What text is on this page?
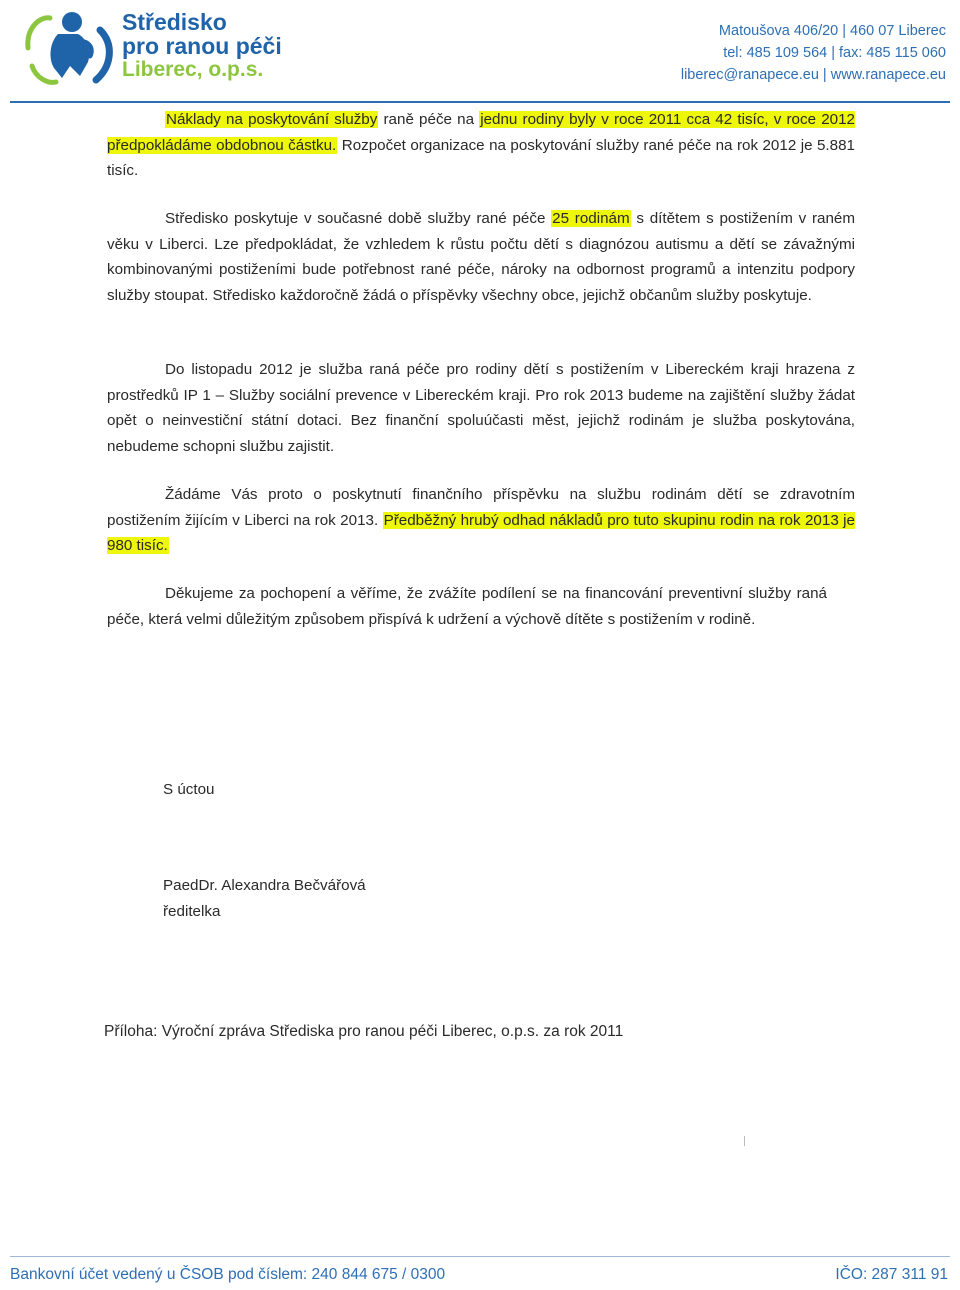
Středisko
pro ranou péči
Liberec, o.p.s.
Matoušova 406/20 | 460 07 Liberec
tel: 485 109 564 | fax: 485 115 060
liberec@ranapece.eu | www.ranapece.eu

Náklady na poskytování služby raně péče na jednu rodiny byly v roce 2011 cca 42 tisíc, v roce 2012 předpokládáme obdobnou částku. Rozpočet organizace na poskytování služby rané péče na rok 2012 je 5.881 tisíc.

Středisko poskytuje v současné době služby rané péče 25 rodinám s dítětem s postižením v raném věku v Liberci. Lze předpokládat, že vzhledem k růstu počtu dětí s diagnózou autismu a dětí se závažnými kombinovanými postiženími bude potřebnost rané péče, nároky na odbornost programů a intenzitu podpory služby stoupat. Středisko každoročně žádá o příspěvky všechny obce, jejichž občanům služby poskytuje.

Do listopadu 2012 je služba raná péče pro rodiny dětí s postižením v Libereckém kraji hrazena z prostředků IP 1 – Služby sociální prevence v Libereckém kraji. Pro rok 2013 budeme na zajištění služby žádat opět o neinvestiční státní dotaci. Bez finanční spoluúčasti měst, jejichž rodinám je služba poskytována, nebudeme schopni službu zajistit.

Žádáme Vás proto o poskytnutí finančního příspěvku na službu rodinám dětí se zdravotním postižením žijícím v Liberci na rok 2013. Předběžný hrubý odhad nákladů pro tuto skupinu rodin na rok 2013 je 980 tisíc.

Děkujeme za pochopení a věříme, že zvážíte podílení se na financování preventivní služby raná péče, která velmi důležitým způsobem přispívá k udržení a výchově dítěte s postižením v rodině.

S úctou
PaedDr. Alexandra Bečvářová
ředitelka
Příloha: Výroční zpráva Střediska pro ranou péči Liberec, o.p.s. za rok 2011
Bankovní účet vedený u ČSOB pod číslem: 240 844 675 / 0300	IČO: 287 311 91
